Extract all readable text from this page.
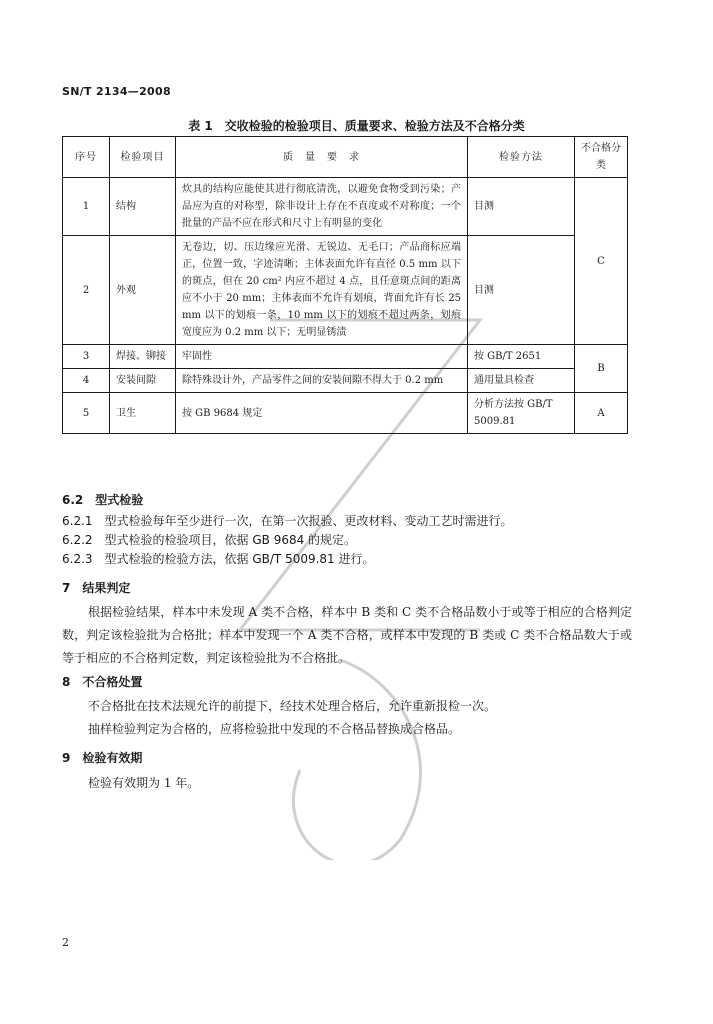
SN/T 2134—2008
表 1　交收检验的检验项目、质量要求、检验方法及不合格分类
序号	检验项目	质　量　要　求	检验方法	不合格分类
1	结构	炊具的结构应能使其进行彻底清洗，以避免食物受到污染；产品应为直的对称型，除非设计上存在不直度或不对称度；一个批量的产品不应在形式和尺寸上有明显的变化	目测	C
2	外观	无卷边，切、压边缘应光滑、无锐边、无毛口；产品商标应端正，位置一致，字迹清晰；主体表面允许有直径 0.5 mm 以下的斑点，但在 20 cm² 内应不超过 4 点，且任意斑点间的距离应不小于 20 mm；主体表面不允许有划痕，背面允许有长 25 mm 以下的划痕一条，10 mm 以下的划痕不超过两条，划痕宽度应为 0.2 mm 以下；无明显锈渍	目测	
3	焊接、铆接	牢固性	按 GB/T 2651	B
4	安装间隙	除特殊设计外，产品零件之间的安装间隙不得大于 0.2 mm	通用量具检查	
5	卫生	按 GB 9684 规定	分析方法按 GB/T 5009.81	A
6.2　型式检验
6.2.1　型式检验每年至少进行一次，在第一次报验、更改材料、变动工艺时需进行。
6.2.2　型式检验的检验项目，依据 GB 9684 的规定。
6.2.3　型式检验的检验方法，依据 GB/T 5009.81 进行。
7　结果判定
根据检验结果，样本中未发现 A 类不合格，样本中 B 类和 C 类不合格品数小于或等于相应的合格判定数，判定该检验批为合格批；样本中发现一个 A 类不合格，或样本中发现的 B 类或 C 类不合格品数大于或等于相应的不合格判定数，判定该检验批为不合格批。
8　不合格处置
不合格批在技术法规允许的前提下，经技术处理合格后，允许重新报检一次。
抽样检验判定为合格的，应将检验批中发现的不合格品替换成合格品。
9　检验有效期
检验有效期为 1 年。
2
